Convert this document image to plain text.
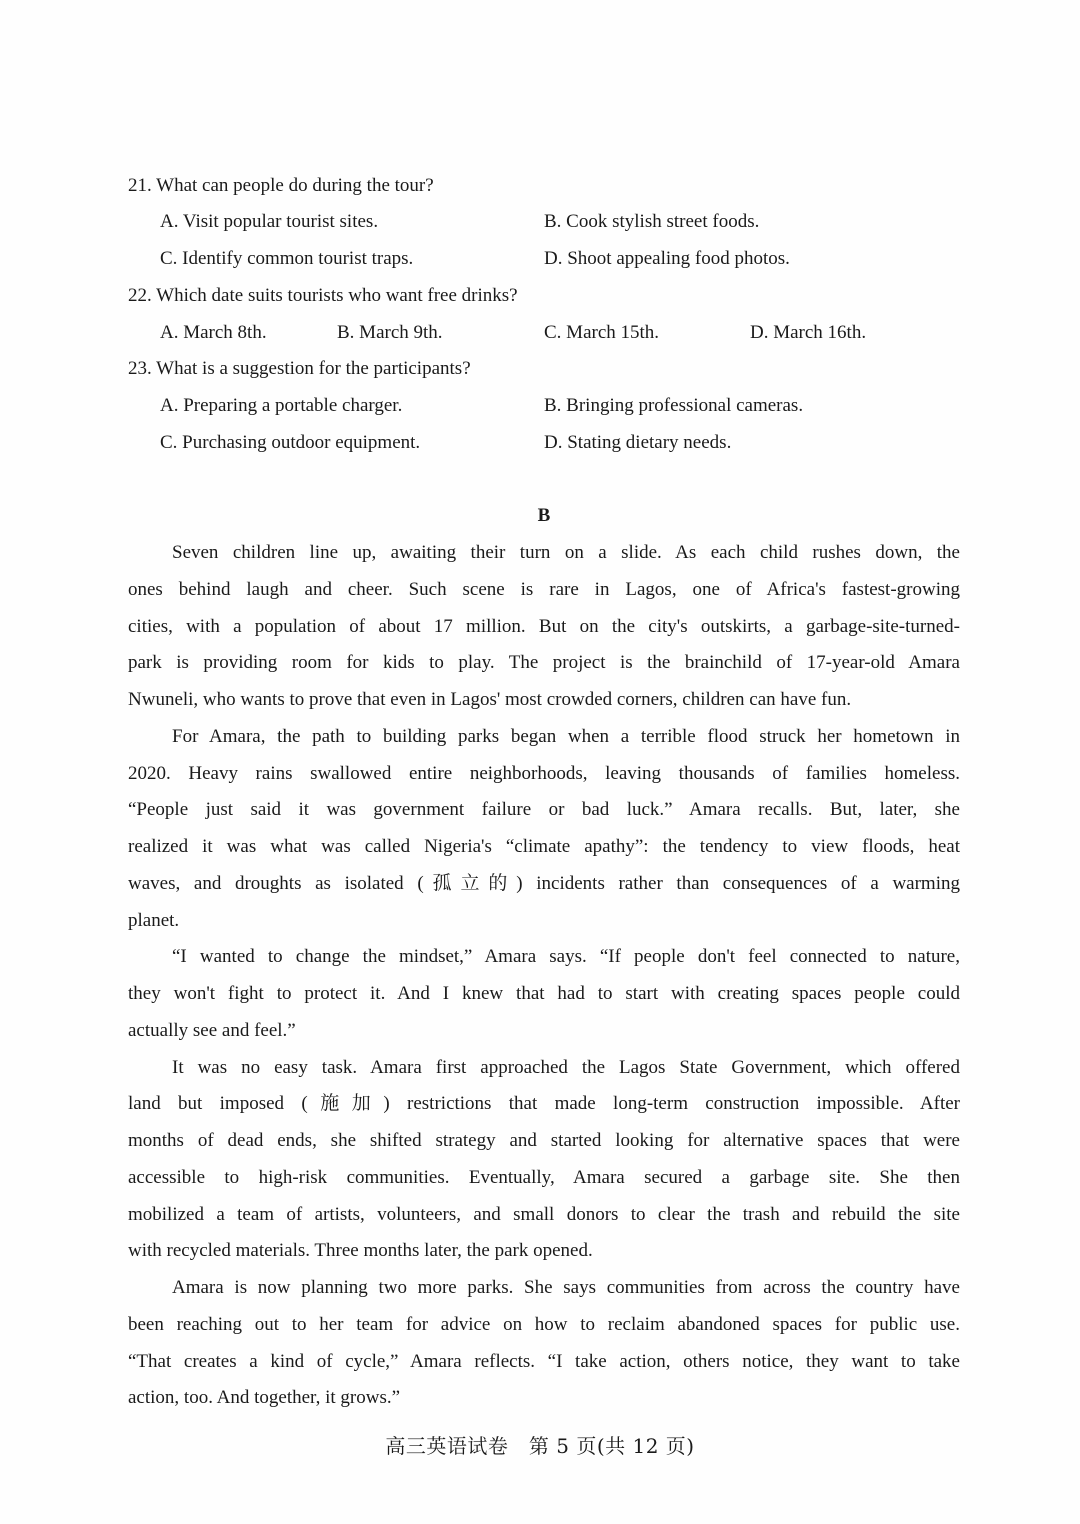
21. What can people do during the tour?
A. Visit popular tourist sites.	B. Cook stylish street foods.
C. Identify common tourist traps.	D. Shoot appealing food photos.
22. Which date suits tourists who want free drinks?
A. March 8th.	B. March 9th.	C. March 15th.	D. March 16th.
23. What is a suggestion for the participants?
A. Preparing a portable charger.	B. Bringing professional cameras.
C. Purchasing outdoor equipment.	D. Stating dietary needs.
B
Seven children line up, awaiting their turn on a slide. As each child rushes down, the
ones behind laugh and cheer. Such scene is rare in Lagos, one of Africa's fastest-growing
cities, with a population of about 17 million. But on the city's outskirts, a garbage-site-turned-
park is providing room for kids to play. The project is the brainchild of 17-year-old Amara
Nwuneli, who wants to prove that even in Lagos' most crowded corners, children can have fun.
For Amara, the path to building parks began when a terrible flood struck her hometown in
2020. Heavy rains swallowed entire neighborhoods, leaving thousands of families homeless.
“People just said it was government failure or bad luck.” Amara recalls. But, later, she
realized it was what was called Nigeria's “climate apathy”: the tendency to view floods, heat
waves, and droughts as isolated (孤立的) incidents rather than consequences of a warming
planet.
“I wanted to change the mindset,” Amara says. “If people don't feel connected to nature,
they won't fight to protect it. And I knew that had to start with creating spaces people could
actually see and feel.”
It was no easy task. Amara first approached the Lagos State Government, which offered
land but imposed (施加) restrictions that made long-term construction impossible. After
months of dead ends, she shifted strategy and started looking for alternative spaces that were
accessible to high-risk communities. Eventually, Amara secured a garbage site. She then
mobilized a team of artists, volunteers, and small donors to clear the trash and rebuild the site
with recycled materials. Three months later, the park opened.
Amara is now planning two more parks. She says communities from across the country have
been reaching out to her team for advice on how to reclaim abandoned spaces for public use.
“That creates a kind of cycle,” Amara reflects. “I take action, others notice, they want to take
action, too. And together, it grows.”
高三英语试卷　第 5 页(共 12 页)
